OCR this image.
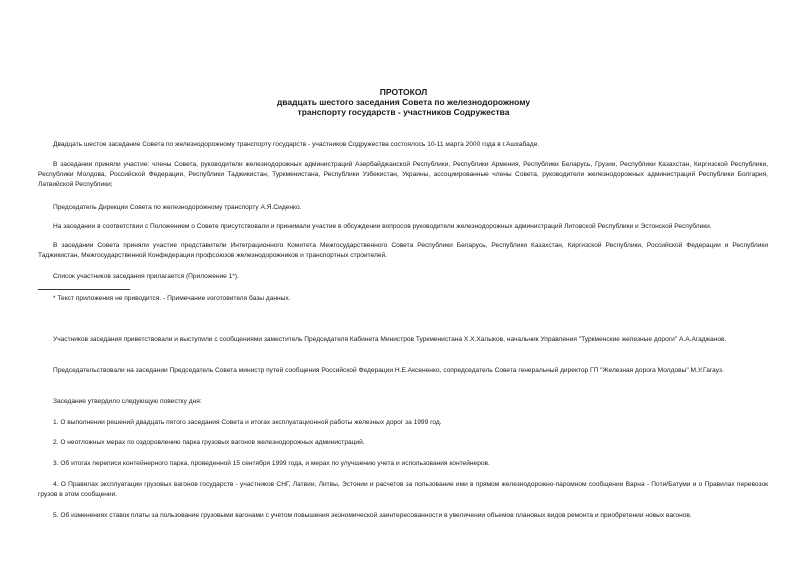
ПРОТОКОЛ
двадцать шестого заседания Совета по железнодорожному
транспорту государств - участников Содружества
Двадцать шестое заседание Совета по железнодорожному транспорту государств - участников Содружества состоялось 10-11 марта 2000 года в г.Ашхабаде.
В заседании приняли участие: члены Совета, руководители железнодорожных администраций Азербайджанской Республики, Республики Армения, Республики Беларусь, Грузии, Республики Казахстан, Киргизской Республики, Республики Молдова, Российской Федерации, Республики Таджикистан, Туркменистана, Республики Узбекистан, Украины, ассоциированные члены Совета, руководители железнодорожных администраций Республики Болгария, Латвийской Республики;
Председатель Дирекции Совета по железнодорожному транспорту А.Я.Сиденко.
На заседании в соответствии с Положением о Совете присутствовали и принимали участие в обсуждении вопросов руководители железнодорожных администраций Литовской Республики и Эстонской Республики.
В заседании Совета приняли участие представители Интеграционного Комитета Межгосударственного Совета Республики Беларусь, Республики Казахстан, Киргизской Республики, Российской Федерации и Республики Таджикистан, Межгосударственной Конфедерации профсоюзов железнодорожников и транспортных строителей.
Список участников заседания прилагается (Приложение 1*).
* Текст приложения не приводится. - Примечание изготовителя базы данных.
Участников заседания приветствовали и выступили с сообщениями заместитель Председателя Кабинета Министров Туркменистана Х.Х.Халыков, начальник Управления "Туркменские железные дороги" А.А.Агаджанов.
Председательствовали на заседании Председатель Совета министр путей сообщения Российской Федерации Н.Е.Аксененко, сопредседатель Совета генеральный директор ГП "Железная дорога Молдовы" М.У.Гагауз.
Заседание утвердило следующую повестку дня:
1. О выполнении решений двадцать пятого заседания Совета и итогах эксплуатационной работы железных дорог за 1999 год.
2. О неотложных мерах по оздоровлению парка грузовых вагонов железнодорожных администраций.
3. Об итогах переписи контейнерного парка, проведенной 15 сентября 1999 года, и мерах по улучшению учета и использования контейнеров.
4. О Правилах эксплуатации грузовых вагонов государств - участников СНГ, Латвии, Литвы, Эстонии и расчетов за пользование ими в прямом железнодорожно-паромном сообщении Варна - Поти/Батуми и о Правилах перевозок грузов в этом сообщении.
5. Об изменениях ставок платы за пользование грузовыми вагонами с учетом повышения экономической заинтересованности в увеличении объемов плановых видов ремонта и приобретении новых вагонов.
